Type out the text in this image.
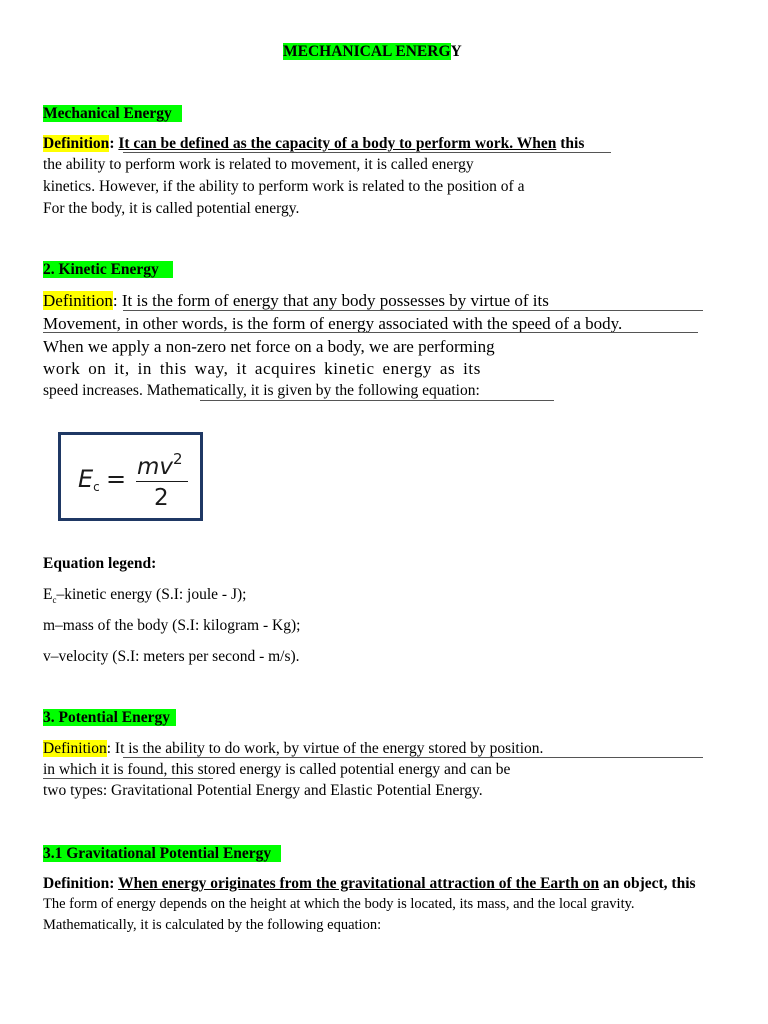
MECHANICAL ENERGY
Mechanical Energy
Definition: It can be defined as the capacity of a body to perform work. When this
the ability to perform work is related to movement, it is called energy
kinetics. However, if the ability to perform work is related to the position of a
For the body, it is called potential energy.
2. Kinetic Energy
Definition: It is the form of energy that any body possesses by virtue of its
Movement, in other words, is the form of energy associated with the speed of a body.
When we apply a non-zero net force on a body, we are performing
work on it, in this way, it acquires kinetic energy as its
speed increases. Mathematically, it is given by the following equation:
$E_c = mv^2$
2
Equation legend:
$E_c$–kinetic energy (S.I: joule - J);
m–mass of the body (S.I: kilogram - Kg);
v–velocity (S.I: meters per second - m/s).
3. Potential Energy
Definition: It is the ability to do work, by virtue of the energy stored by position.
in which it is found, this stored energy is called potential energy and can be
two types: Gravitational Potential Energy and Elastic Potential Energy.
3.1 Gravitational Potential Energy
Definition: When energy originates from the gravitational attraction of the Earth on an object, this
The form of energy depends on the height at which the body is located, its mass, and the local gravity.
Mathematically, it is calculated by the following equation:
